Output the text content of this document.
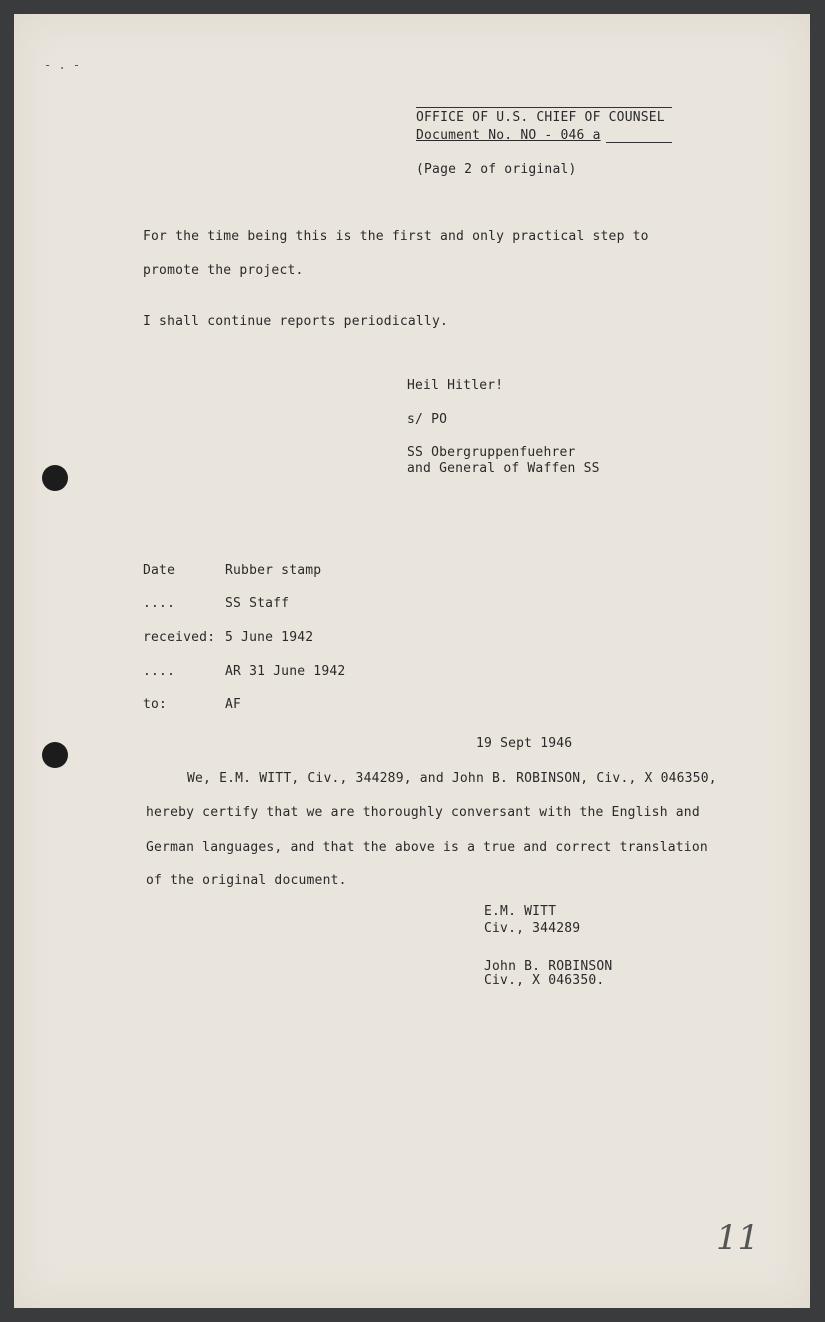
- . -
OFFICE OF U.S. CHIEF OF COUNSEL
Document No. NO - 046 a
(Page 2 of original)
For the time being this is the first and only practical step to
promote the project.
I shall continue reports periodically.
Heil Hitler!
s/ PO
SS Obergruppenfuehrer
and General of Waffen SS
Date	Rubber stamp
....	SS Staff
received: 5 June 1942
....	AR 31 June 1942
to:	AF
19 Sept 1946
We, E.M. WITT, Civ., 344289, and John B. ROBINSON, Civ., X 046350,
hereby certify that we are thoroughly conversant with the English and
German languages, and that the above is a true and correct translation
of the original document.
E.M. WITT
Civ., 344289
John B. ROBINSON
Civ., X 046350.
11
